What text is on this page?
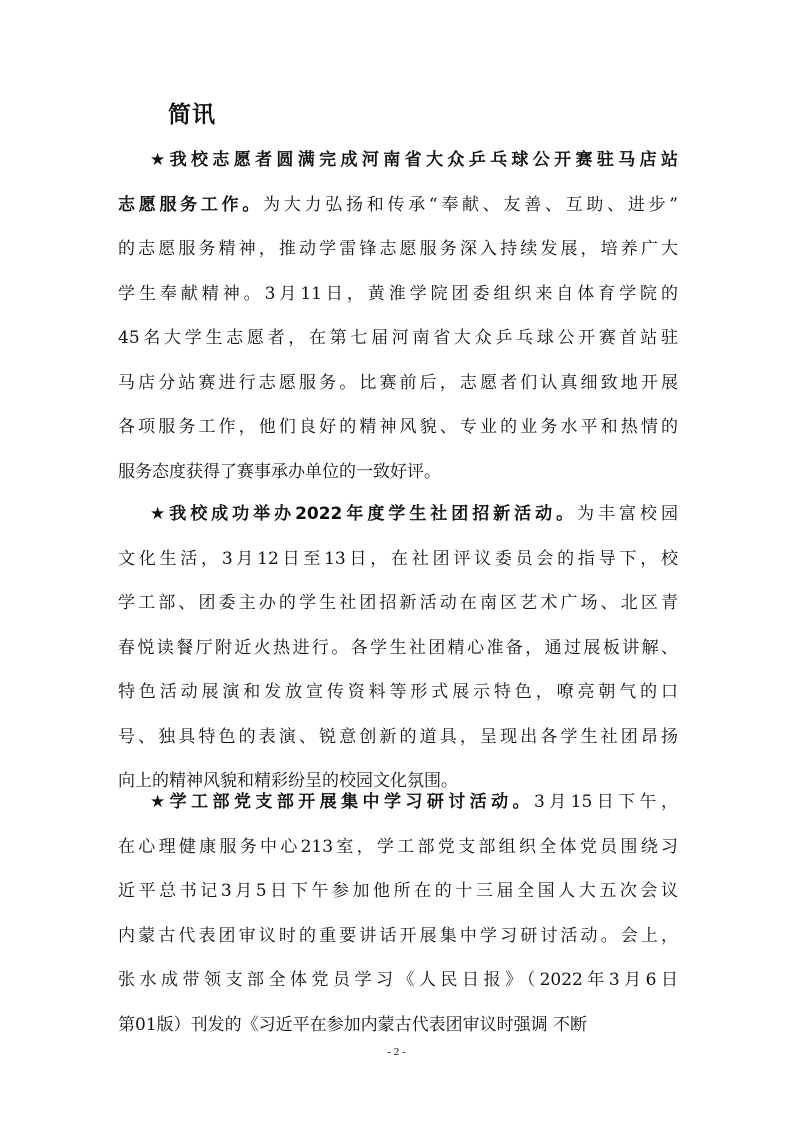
简讯
★我校志愿者圆满完成河南省大众乒乓球公开赛驻马店站
志愿服务工作。为大力弘扬和传承“奉献、友善、互助、进步”
的志愿服务精神，推动学雷锋志愿服务深入持续发展，培养广大
学生奉献精神。3月11日，黄淮学院团委组织来自体育学院的
45名大学生志愿者，在第七届河南省大众乒乓球公开赛首站驻
马店分站赛进行志愿服务。比赛前后，志愿者们认真细致地开展
各项服务工作，他们良好的精神风貌、专业的业务水平和热情的
服务态度获得了赛事承办单位的一致好评。
★我校成功举办2022年度学生社团招新活动。为丰富校园
文化生活，3月12日至13日，在社团评议委员会的指导下，校
学工部、团委主办的学生社团招新活动在南区艺术广场、北区青
春悦读餐厅附近火热进行。各学生社团精心准备，通过展板讲解、
特色活动展演和发放宣传资料等形式展示特色，嘹亮朝气的口
号、独具特色的表演、锐意创新的道具，呈现出各学生社团昂扬
向上的精神风貌和精彩纷呈的校园文化氛围。
★学工部党支部开展集中学习研讨活动。3月15日下午，
在心理健康服务中心213室，学工部党支部组织全体党员围绕习
近平总书记3月5日下午参加他所在的十三届全国人大五次会议
内蒙古代表团审议时的重要讲话开展集中学习研讨活动。会上，
张水成带领支部全体党员学习《人民日报》（2022年3月6日
第01版）刊发的《习近平在参加内蒙古代表团审议时强调 不断
- 2 -
